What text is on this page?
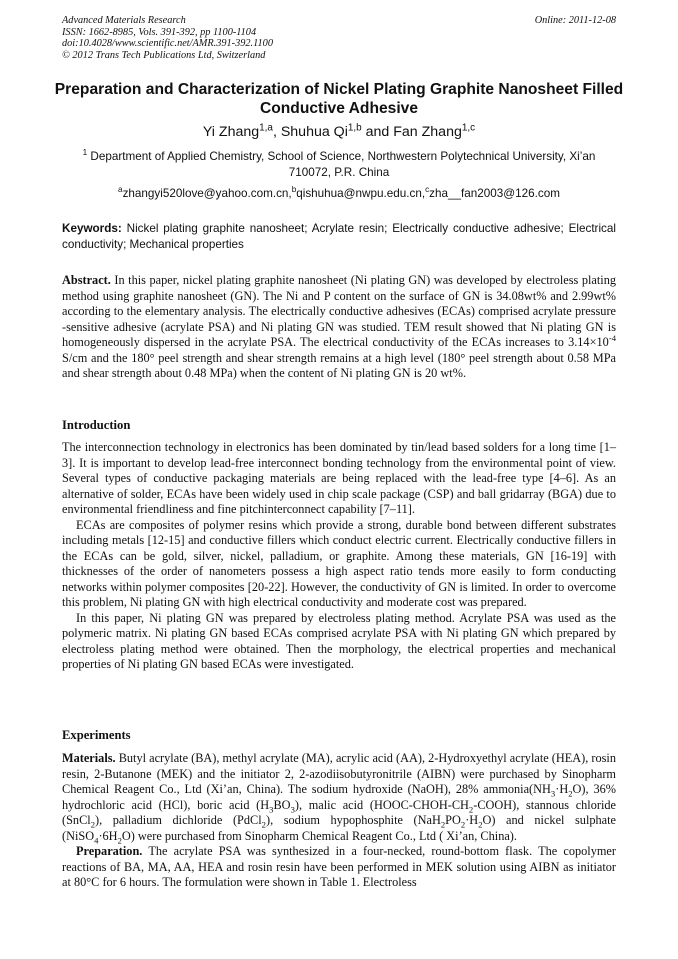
Advanced Materials Research
ISSN: 1662-8985, Vols. 391-392, pp 1100-1104
doi:10.4028/www.scientific.net/AMR.391-392.1100
© 2012 Trans Tech Publications Ltd, Switzerland
Online: 2011-12-08
Preparation and Characterization of Nickel Plating Graphite Nanosheet Filled Conductive Adhesive
Yi Zhang$^{1,a}$, Shuhua Qi$^{1,b}$ and Fan Zhang$^{1,c}$
$^1$ Department of Applied Chemistry, School of Science, Northwestern Polytechnical University, Xi’an 710072, P.R. China
$^a$zhangyi520love@yahoo.com.cn,$^b$qishuhua@nwpu.edu.cn,$^c$zha__fan2003@126.com
Keywords: Nickel plating graphite nanosheet; Acrylate resin; Electrically conductive adhesive; Electrical conductivity; Mechanical properties

Abstract. In this paper, nickel plating graphite nanosheet (Ni plating GN) was developed by electroless plating method using graphite nanosheet (GN). The Ni and P content on the surface of GN is 34.08wt% and 2.99wt% according to the elementary analysis. The electrically conductive adhesives (ECAs) comprised acrylate pressure -sensitive adhesive (acrylate PSA) and Ni plating GN was studied. TEM result showed that Ni plating GN is homogeneously dispersed in the acrylate PSA. The electrical conductivity of the ECAs increases to $3.14\times 10^{-4}$ S/cm and the 180° peel strength and shear strength remains at a high level (180° peel strength about 0.58 MPa and shear strength about 0.48 MPa) when the content of Ni plating GN is 20 wt%.

Introduction

The interconnection technology in electronics has been dominated by tin/lead based solders for a long time [1–3]. It is important to develop lead-free interconnect bonding technology from the environmental point of view. Several types of conductive packaging materials are being replaced with the lead-free type [4–6]. As an alternative of solder, ECAs have been widely used in chip scale package (CSP) and ball gridarray (BGA) due to environmental friendliness and fine pitchinterconnect capability [7–11].

ECAs are composites of polymer resins which provide a strong, durable bond between different substrates including metals [12-15] and conductive fillers which conduct electric current. Electrically conductive fillers in the ECAs can be gold, silver, nickel, palladium, or graphite. Among these materials, GN [16-19] with thicknesses of the order of nanometers possess a high aspect ratio tends more easily to form conducting networks within polymer composites [20-22]. However, the conductivity of GN is limited. In order to overcome this problem, Ni plating GN with high electrical conductivity and moderate cost was prepared.

In this paper, Ni plating GN was prepared by electroless plating method. Acrylate PSA was used as the polymeric matrix. Ni plating GN based ECAs comprised acrylate PSA with Ni plating GN which prepared by electroless plating method were obtained. Then the morphology, the electrical properties and mechanical properties of Ni plating GN based ECAs were investigated.

Experiments

Materials. Butyl acrylate (BA), methyl acrylate (MA), acrylic acid (AA), 2-Hydroxyethyl acrylate (HEA), rosin resin, 2-Butanone (MEK) and the initiator 2, 2-azodiisobutyronitrile (AIBN) were purchased by Sinopharm Chemical Reagent Co., Ltd (Xi’an, China). The sodium hydroxide (NaOH), 28% $ammonia(NH_3\cdot H_2O)$, 36% hydrochloric acid (HCl), boric acid $(H_3BO_3)$, malic acid $(HOOC-CHOH-CH_2-COOH)$, stannous chloride (SnCl$_2$), palladium dichloride (PdCl$_2$), sodium hypophosphite $(NaH_2PO_2\cdot H_2O)$ and nickel sulphate $(NiSO_4\cdot 6H_2O)$ were purchased from Sinopharm Chemical Reagent Co., Ltd ( Xi’an, China).

Preparation. The acrylate PSA was synthesized in a four-necked, round-bottom flask. The copolymer reactions of BA, MA, AA, HEA and rosin resin have been performed in MEK solution using AIBN as initiator at 80°C for 6 hours. The formulation were shown in Table 1. Electroless
